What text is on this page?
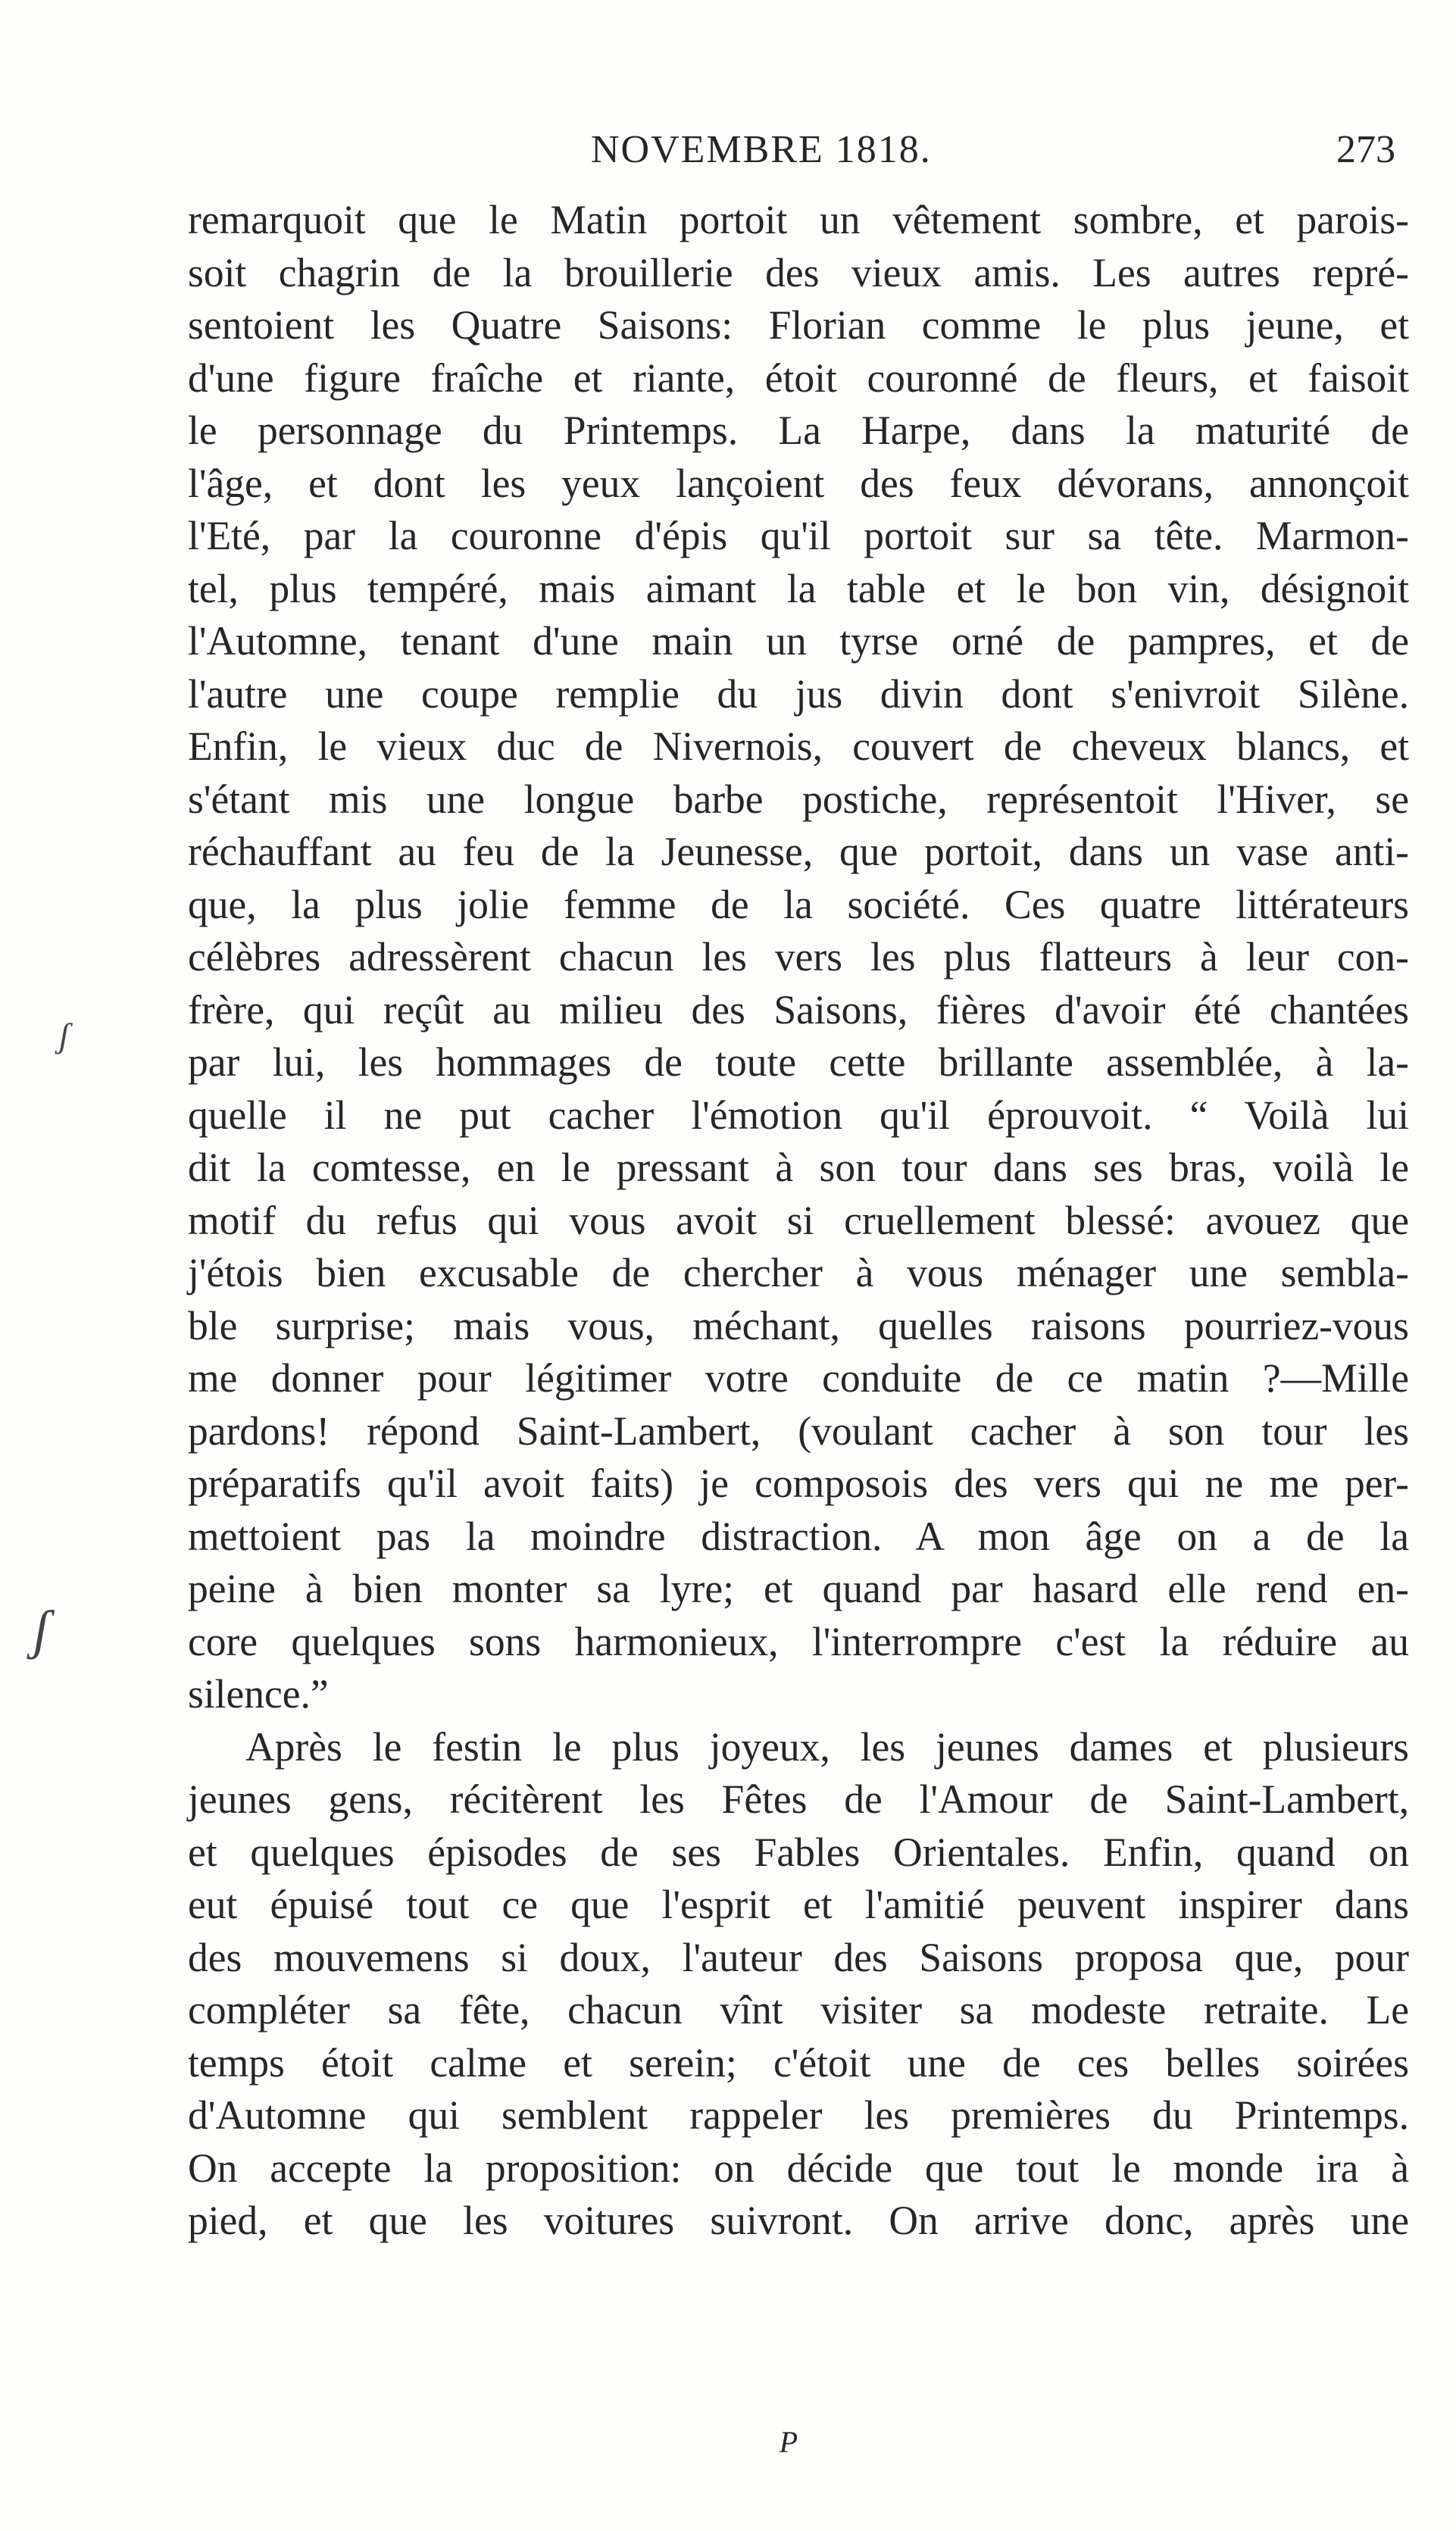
NOVEMBRE 1818.	273
remarquoit que le Matin portoit un vêtement sombre, et parois-
soit chagrin de la brouillerie des vieux amis. Les autres repré-
sentoient les Quatre Saisons: Florian comme le plus jeune, et
d'une figure fraîche et riante, étoit couronné de fleurs, et faisoit
le personnage du Printemps. La Harpe, dans la maturité de
l'âge, et dont les yeux lançoient des feux dévorans, annonçoit
l'Eté, par la couronne d'épis qu'il portoit sur sa tête. Marmon-
tel, plus tempéré, mais aimant la table et le bon vin, désignoit
l'Automne, tenant d'une main un tyrse orné de pampres, et de
l'autre une coupe remplie du jus divin dont s'enivroit Silène.
Enfin, le vieux duc de Nivernois, couvert de cheveux blancs, et
s'étant mis une longue barbe postiche, représentoit l'Hiver, se
réchauffant au feu de la Jeunesse, que portoit, dans un vase anti-
que, la plus jolie femme de la société. Ces quatre littérateurs
célèbres adressèrent chacun les vers les plus flatteurs à leur con-
frère, qui reçût au milieu des Saisons, fières d'avoir été chantées
par lui, les hommages de toute cette brillante assemblée, à la-
quelle il ne put cacher l'émotion qu'il éprouvoit. “ Voilà lui
dit la comtesse, en le pressant à son tour dans ses bras, voilà le
motif du refus qui vous avoit si cruellement blessé: avouez que
j'étois bien excusable de chercher à vous ménager une sembla-
ble surprise; mais vous, méchant, quelles raisons pourriez-vous
me donner pour légitimer votre conduite de ce matin ?—Mille
pardons! répond Saint-Lambert, (voulant cacher à son tour les
préparatifs qu'il avoit faits) je composois des vers qui ne me per-
mettoient pas la moindre distraction. A mon âge on a de la
peine à bien monter sa lyre; et quand par hasard elle rend en-
core quelques sons harmonieux, l'interrompre c'est la réduire au
silence.”
Après le festin le plus joyeux, les jeunes dames et plusieurs
jeunes gens, récitèrent les Fêtes de l'Amour de Saint-Lambert,
et quelques épisodes de ses Fables Orientales. Enfin, quand on
eut épuisé tout ce que l'esprit et l'amitié peuvent inspirer dans
des mouvemens si doux, l'auteur des Saisons proposa que, pour
compléter sa fête, chacun vînt visiter sa modeste retraite. Le
temps étoit calme et serein; c'étoit une de ces belles soirées
d'Automne qui semblent rappeler les premières du Printemps.
On accepte la proposition: on décide que tout le monde ira à
pied, et que les voitures suivront. On arrive donc, après une
P
ʃ
ʃ
